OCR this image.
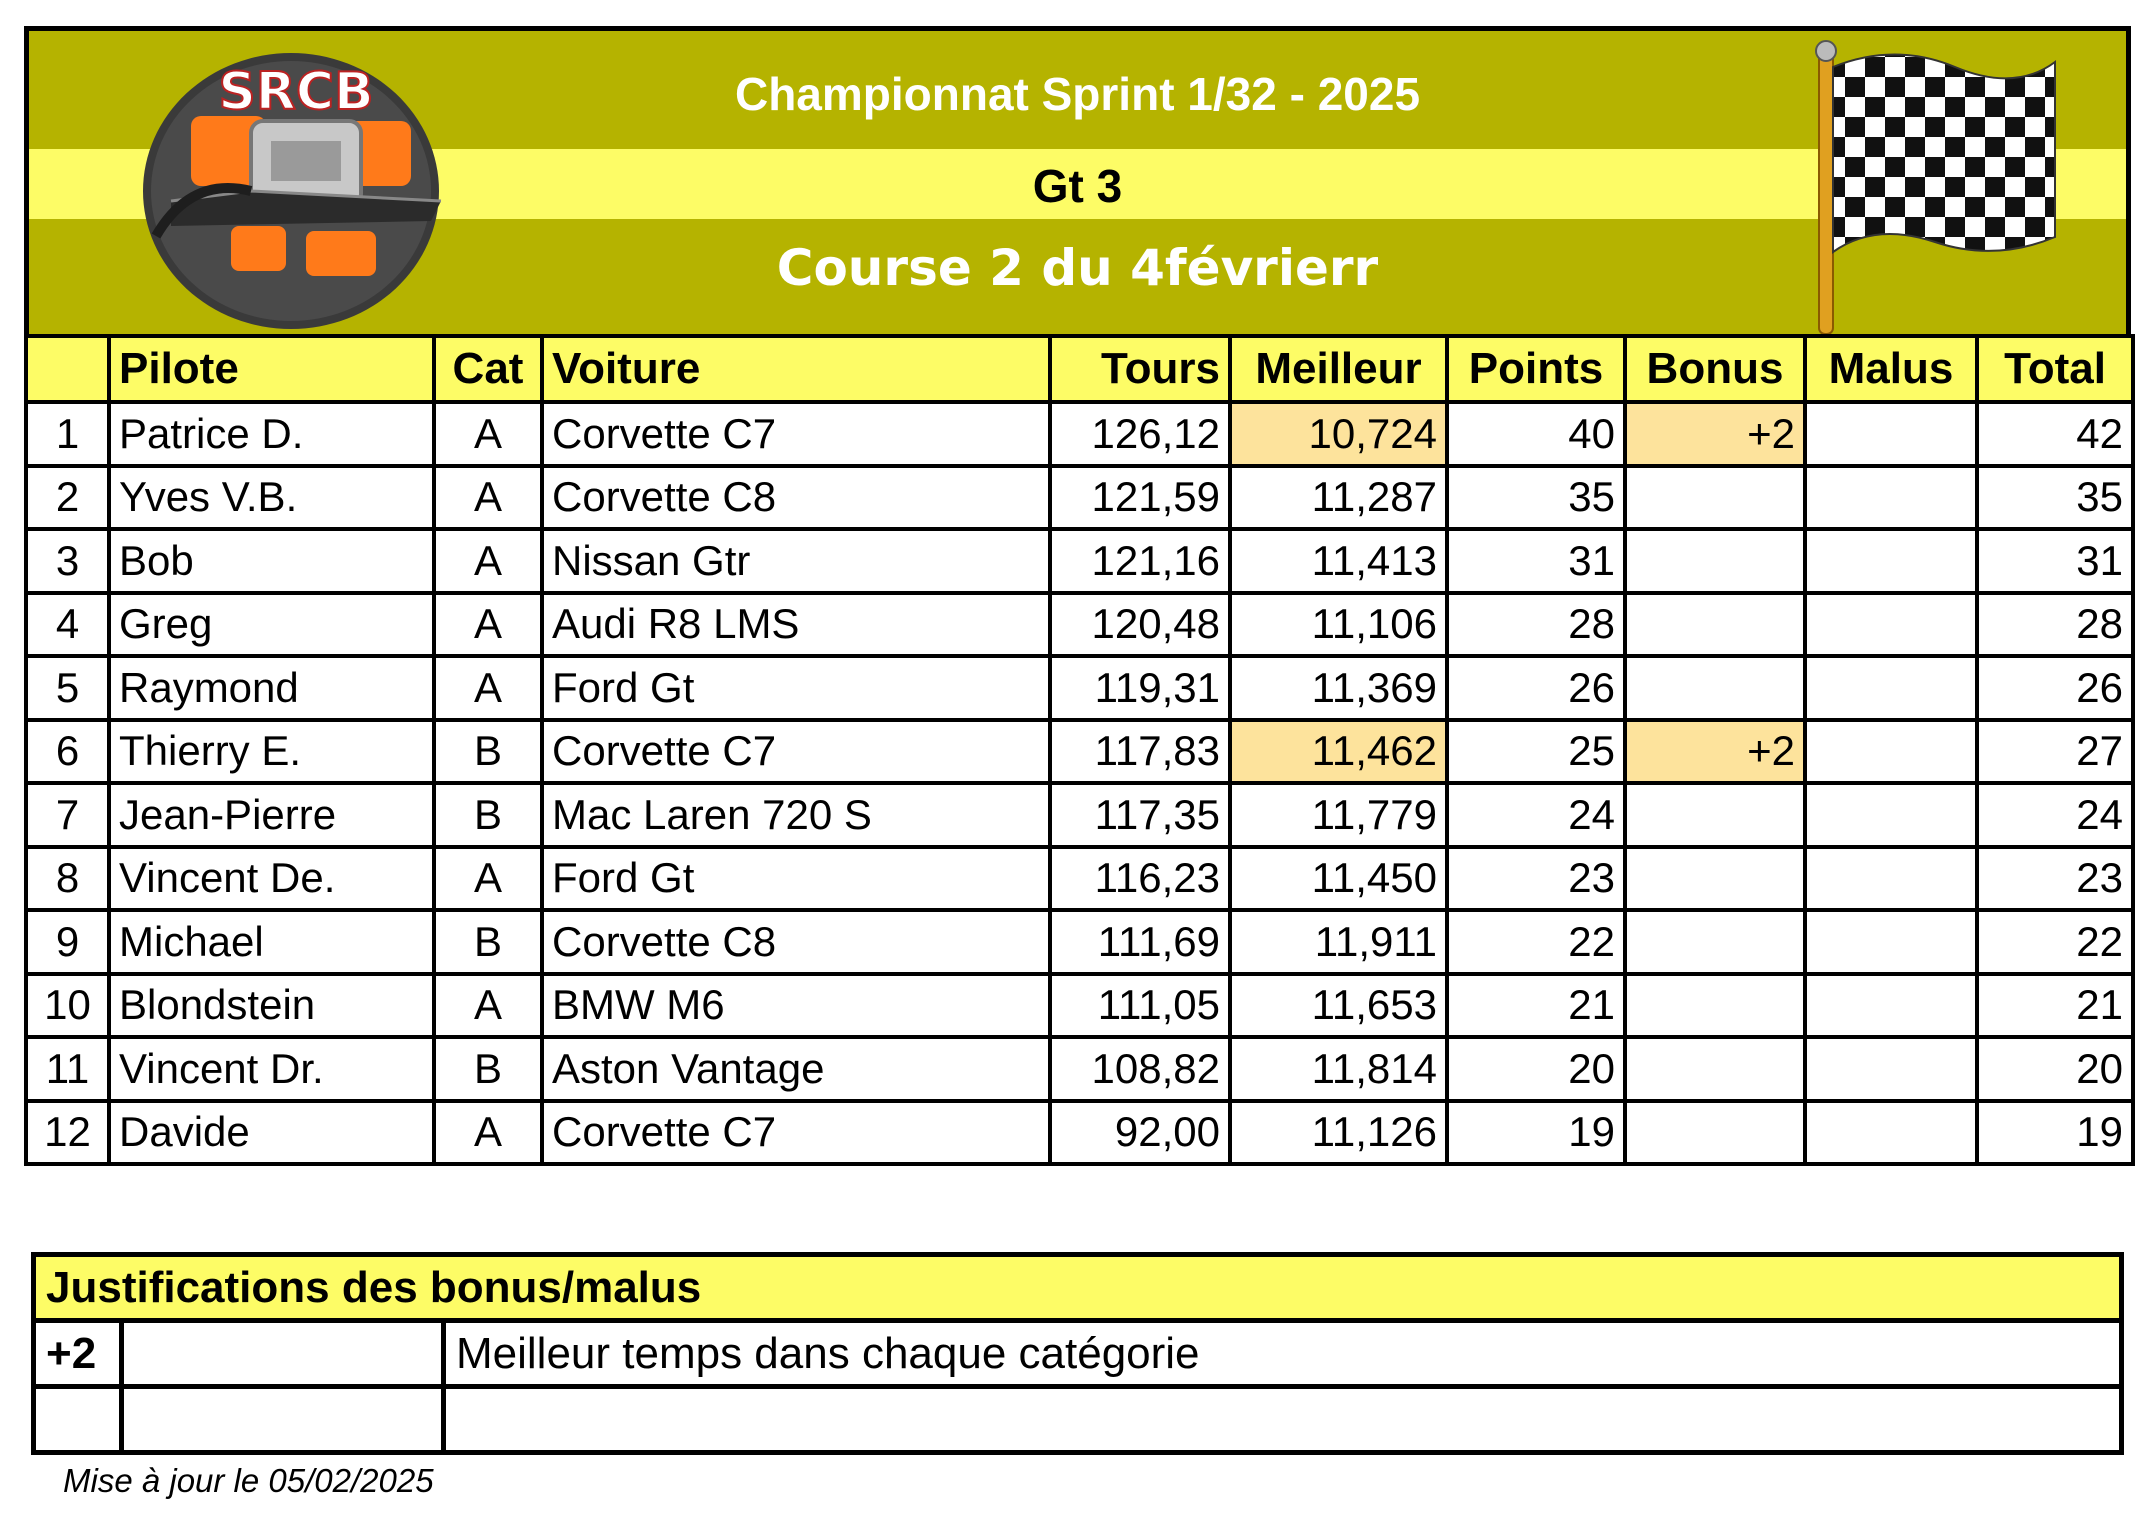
Championnat Sprint 1/32 - 2025
Gt 3
Course 2 du 4févrierr
SRCB
	Pilote	Cat	Voiture	Tours	Meilleur	Points	Bonus	Malus	Total
1	Patrice D.	A	Corvette C7	126,12	10,724	40	+2		42
2	Yves V.B.	A	Corvette C8	121,59	11,287	35			35
3	Bob	A	Nissan Gtr	121,16	11,413	31			31
4	Greg	A	Audi R8 LMS	120,48	11,106	28			28
5	Raymond	A	Ford Gt	119,31	11,369	26			26
6	Thierry E.	B	Corvette C7	117,83	11,462	25	+2		27
7	Jean-Pierre	B	Mac Laren 720 S	117,35	11,779	24			24
8	Vincent De.	A	Ford Gt	116,23	11,450	23			23
9	Michael	B	Corvette C8	111,69	11,911	22			22
10	Blondstein	A	BMW M6	111,05	11,653	21			21
11	Vincent Dr.	B	Aston Vantage	108,82	11,814	20			20
12	Davide	A	Corvette C7	92,00	11,126	19			19
Justifications des bonus/malus		
+2		Meilleur temps dans chaque catégorie

Mise à jour le 05/02/2025
